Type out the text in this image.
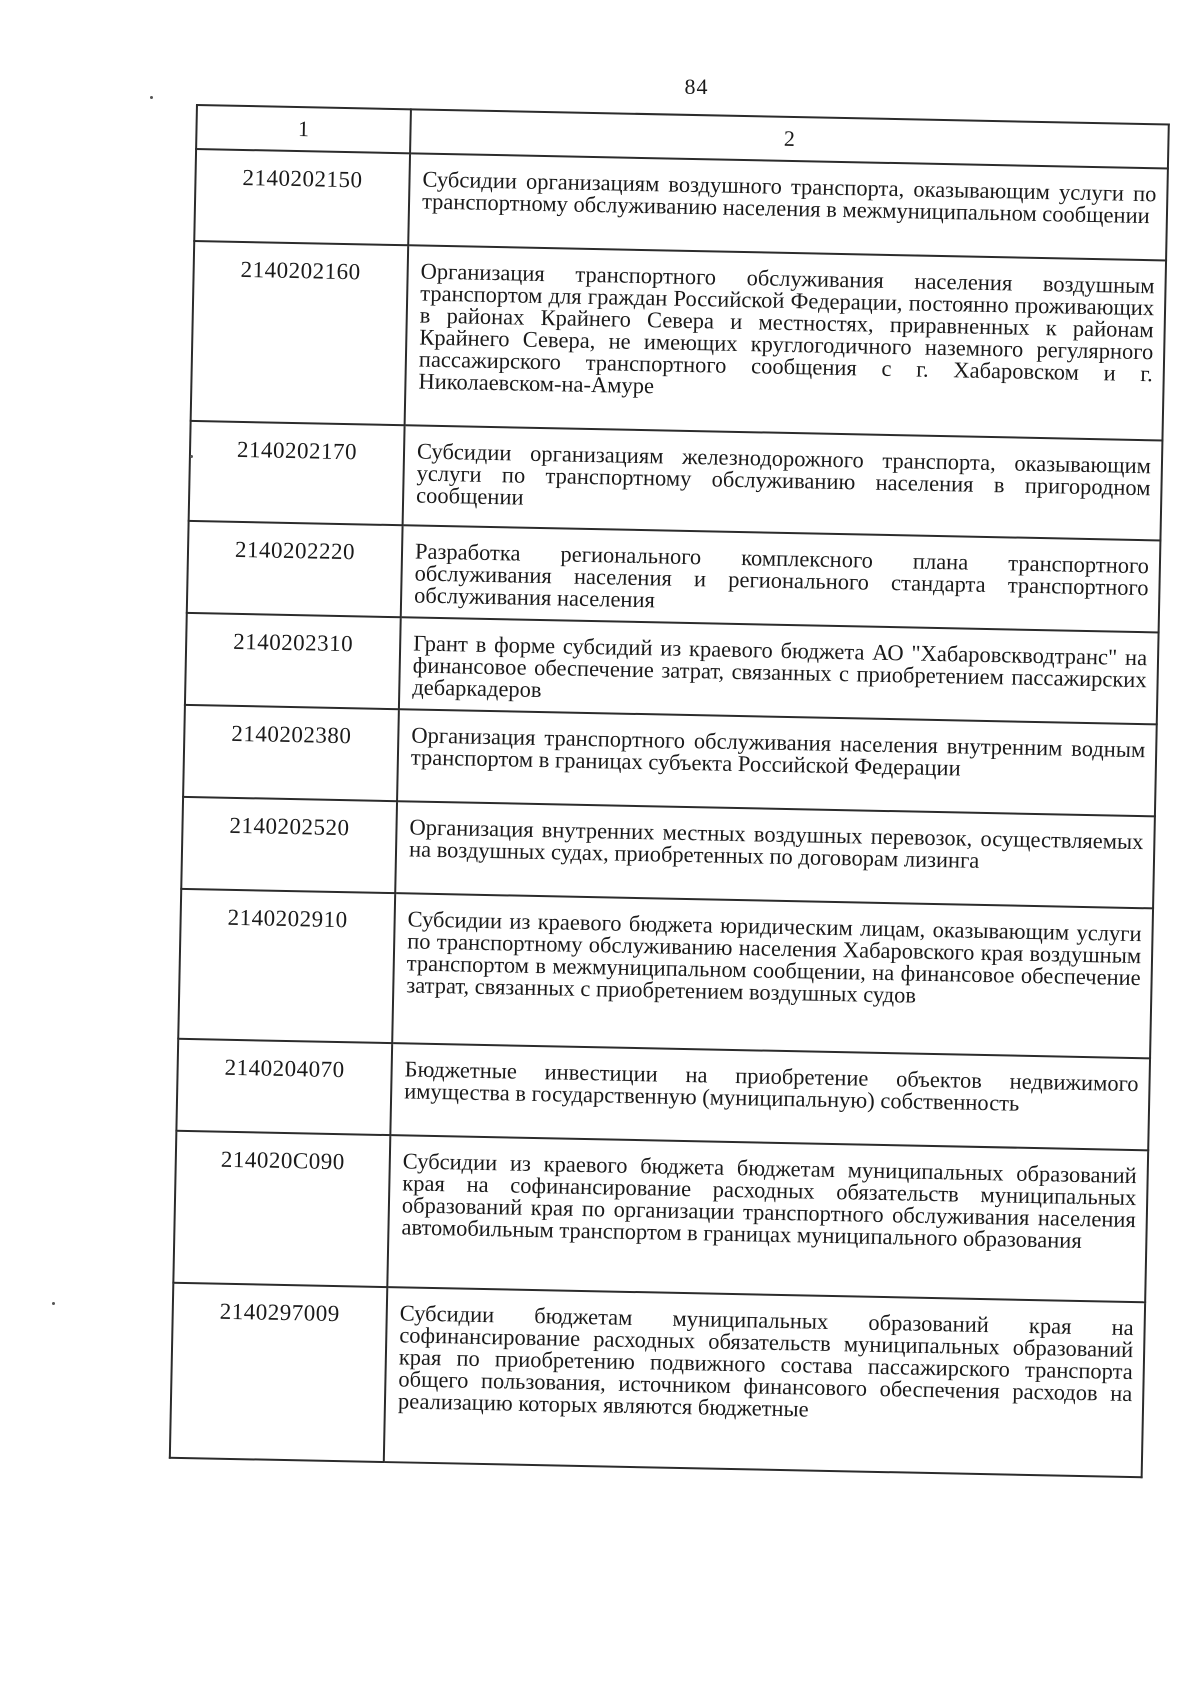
84
1	2
2140202150	Субсидии организациям воздушного транспорта, оказывающим услуги по транспортному обслуживанию населения в межмуниципальном сообщении
2140202160	Организация транспортного обслуживания населения воздушным транспортом для граждан Российской Федерации, постоянно проживающих в районах Крайнего Севера и местностях, приравненных к районам Крайнего Севера, не имеющих круглогодичного наземного регулярного пассажирского транспортного сообщения с г. Хабаровском и г. Николаевском-на-Амуре
2140202170	Субсидии организациям железнодорожного транспорта, оказывающим услуги по транспортному обслуживанию населения в пригородном сообщении
2140202220	Разработка регионального комплексного плана транспортного обслуживания населения и регионального стандарта транспортного обслуживания населения
2140202310	Грант в форме субсидий из краевого бюджета АО "Хабаровскводтранс" на финансовое обеспечение затрат, связанных с приобретением пассажирских дебаркадеров
2140202380	Организация транспортного обслуживания населения внутренним водным транспортом в границах субъекта Российской Федерации
2140202520	Организация внутренних местных воздушных перевозок, осуществляемых на воздушных судах, приобретенных по договорам лизинга
2140202910	Субсидии из краевого бюджета юридическим лицам, оказывающим услуги по транспортному обслуживанию населения Хабаровского края воздушным транспортом в межмуниципальном сообщении, на финансовое обеспечение затрат, связанных с приобретением воздушных судов
2140204070	Бюджетные инвестиции на приобретение объектов недвижимого имущества в государственную (муниципальную) собственность
214020С090	Субсидии из краевого бюджета бюджетам муниципальных образований края на софинансирование расходных обязательств муниципальных образований края по организации транспортного обслуживания населения автомобильным транспортом в границах муниципального образования
2140297009	Субсидии бюджетам муниципальных образований края на софинансирование расходных обязательств муниципальных образований края по приобретению подвижного состава пассажирского транспорта общего пользования, источником финансового обеспечения расходов на реализацию которых являются бюджетные
